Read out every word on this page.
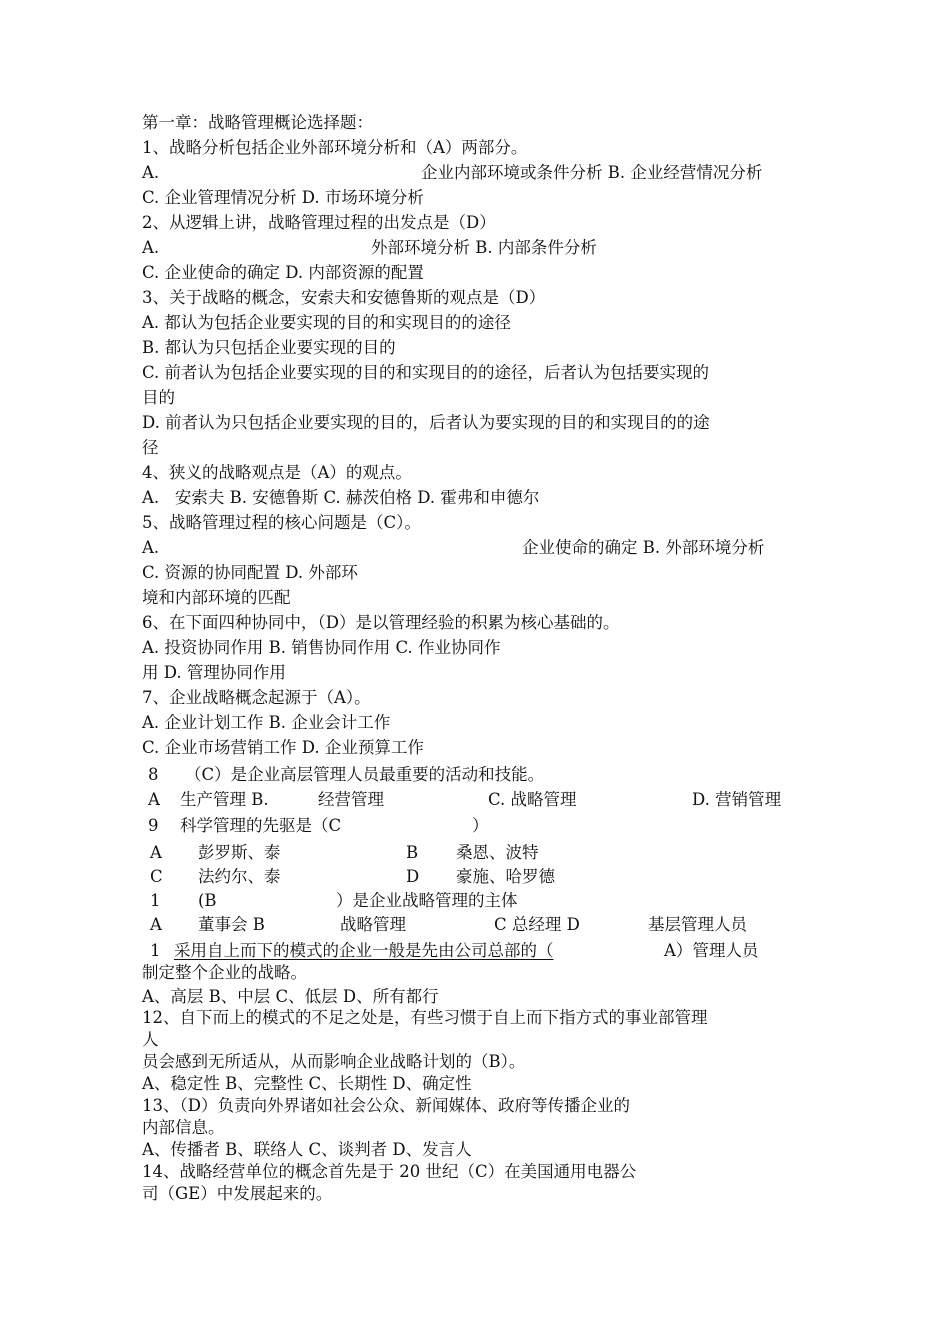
第一章：战略管理概论选择题：
1、战略分析包括企业外部环境分析和（A）两部分。
A.	企业内部环境或条件分析 B. 企业经营情况分析
C. 企业管理情况分析 D. 市场环境分析
2、从逻辑上讲，战略管理过程的出发点是（D）
A.	外部环境分析 B. 内部条件分析
C. 企业使命的确定 D. 内部资源的配置
3、关于战略的概念，安索夫和安德鲁斯的观点是（D）
A. 都认为包括企业要实现的目的和实现目的的途径
B. 都认为只包括企业要实现的目的
C. 前者认为包括企业要实现的目的和实现目的的途径，后者认为包括要实现的
目的
D. 前者认为只包括企业要实现的目的，后者认为要实现的目的和实现目的的途
径
4、狭义的战略观点是（A）的观点。
A.   安索夫 B. 安德鲁斯 C. 赫茨伯格 D. 霍弗和申德尔
5、战略管理过程的核心问题是（C）。
A.	企业使命的确定 B. 外部环境分析
C. 资源的协同配置 D. 外部环
境和内部环境的匹配
6、在下面四种协同中，（D）是以管理经验的积累为核心基础的。
A. 投资协同作用 B. 销售协同作用 C. 作业协同作
用 D. 管理协同作用
7、企业战略概念起源于（A）。
A. 企业计划工作 B. 企业会计工作
C. 企业市场营销工作 D. 企业预算工作
8 （C）是企业高层管理人员最重要的活动和技能。
A 生产管理 B.	经营管理	C. 战略管理	D. 营销管理
9 科学管理的先驱是（C	）
A 彭罗斯、泰	B 桑恩、波特
C 法约尔、泰	D 豪施、哈罗德
1 (B	）是企业战略管理的主体
A 董事会 B	战略管理	C 总经理 D	基层管理人员
1 采用自上而下的模式的企业一般是先由公司总部的（	A）管理人员
制定整个企业的战略。
A、高层 B、中层 C、低层 D、所有都行
12、自下而上的模式的不足之处是，有些习惯于自上而下指方式的事业部管理
人
员会感到无所适从，从而影响企业战略计划的（B）。
A、稳定性 B、完整性 C、长期性 D、确定性
13、（D）负责向外界诸如社会公众、新闻媒体、政府等传播企业的
内部信息。
A、传播者 B、联络人 C、谈判者 D、发言人
14、战略经营单位的概念首先是于 20 世纪（C）在美国通用电器公
司（GE）中发展起来的。
